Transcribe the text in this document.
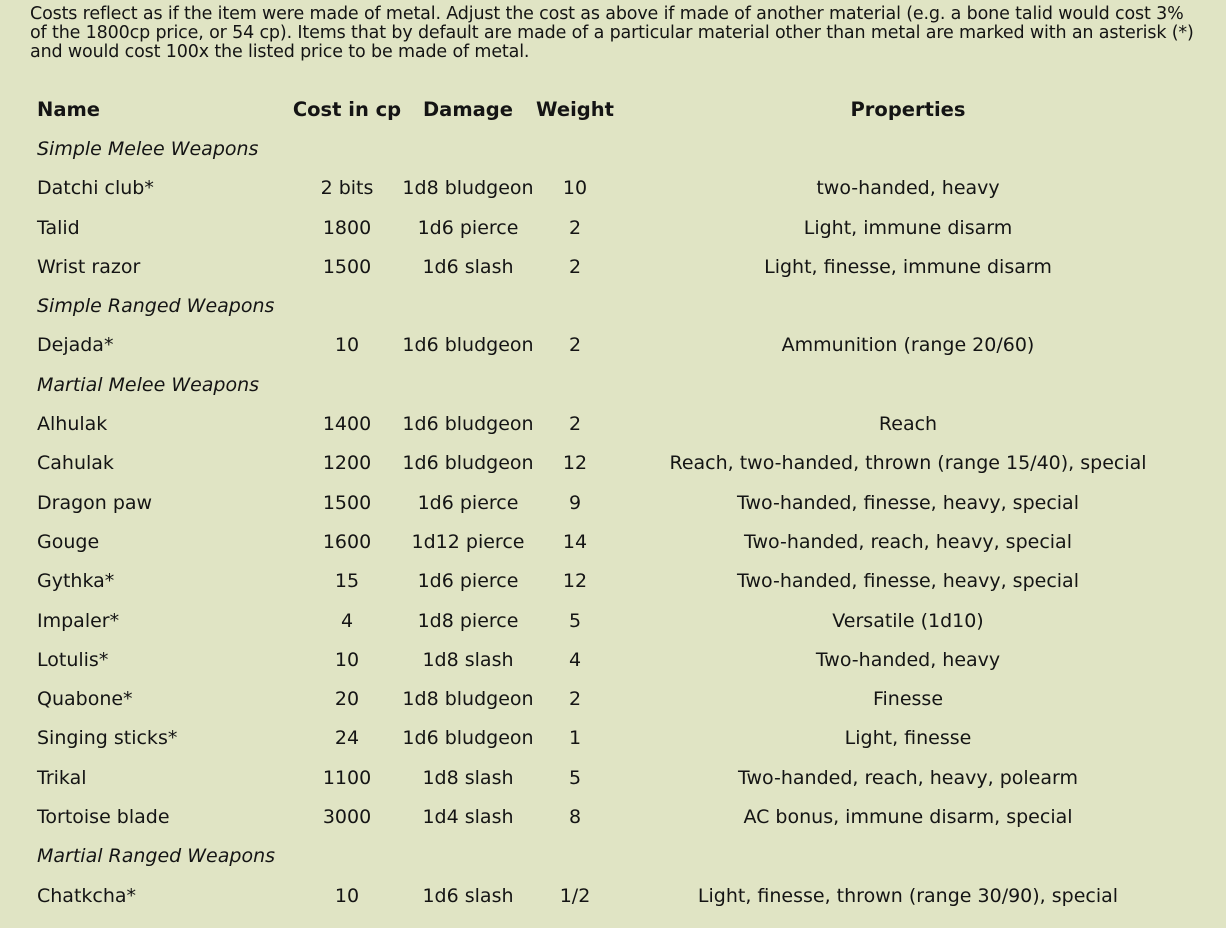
Costs reflect as if the item were made of metal. Adjust the cost as above if made of another material (e.g. a bone talid would cost 3% of the 1800cp price, or 54 cp). Items that by default are made of a particular material other than metal are marked with an asterisk (*) and would cost 100x the listed price to be made of metal.

Name	Cost in cp	Damage	Weight	Properties
Simple Melee Weapons				
Datchi club*	2 bits	1d8 bludgeon	10	two-handed, heavy
Talid	1800	1d6 pierce	2	Light, immune disarm
Wrist razor	1500	1d6 slash	2	Light, finesse, immune disarm
Simple Ranged Weapons				
Dejada*	10	1d6 bludgeon	2	Ammunition (range 20/60)
Martial Melee Weapons				
Alhulak	1400	1d6 bludgeon	2	Reach
Cahulak	1200	1d6 bludgeon	12	Reach, two-handed, thrown (range 15/40), special
Dragon paw	1500	1d6 pierce	9	Two-handed, finesse, heavy, special
Gouge	1600	1d12 pierce	14	Two-handed, reach, heavy, special
Gythka*	15	1d6 pierce	12	Two-handed, finesse, heavy, special
Impaler*	4	1d8 pierce	5	Versatile (1d10)
Lotulis*	10	1d8 slash	4	Two-handed, heavy
Quabone*	20	1d8 bludgeon	2	Finesse
Singing sticks*	24	1d6 bludgeon	1	Light, finesse
Trikal	1100	1d8 slash	5	Two-handed, reach, heavy, polearm
Tortoise blade	3000	1d4 slash	8	AC bonus, immune disarm, special
Martial Ranged Weapons				
Chatkcha*	10	1d6 slash	1/2	Light, finesse, thrown (range 30/90), special
